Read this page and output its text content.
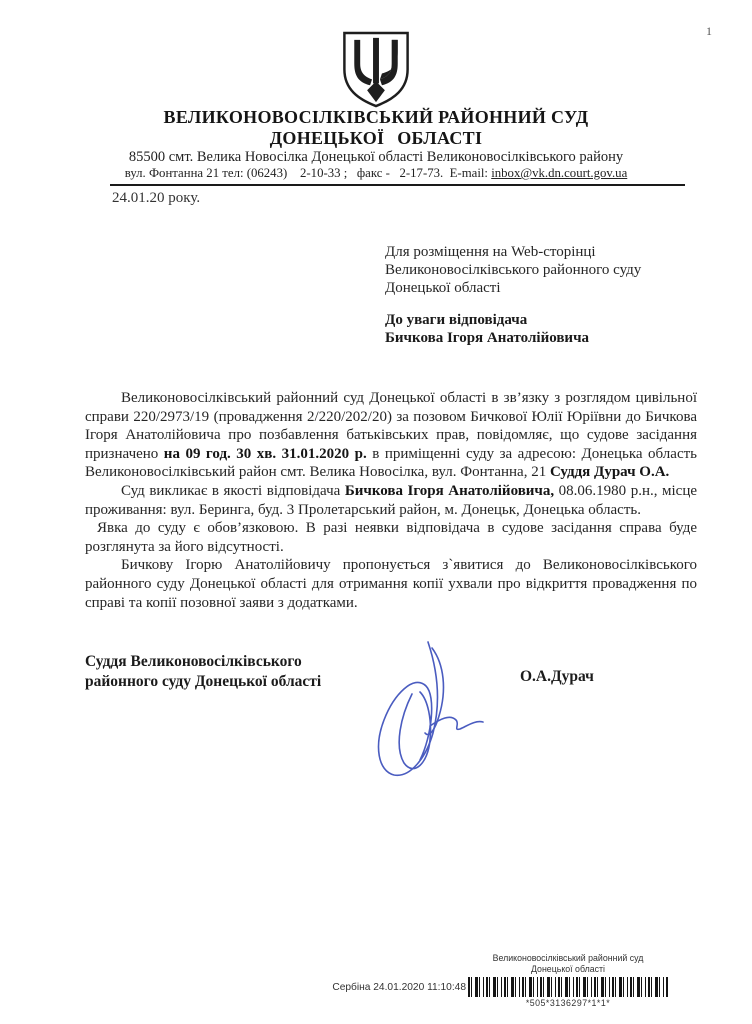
1
ВЕЛИКОНОВОСІЛКІВСЬКИЙ РАЙОННИЙ СУД
ДОНЕЦЬКОЇ ОБЛАСТІ
85500 смт. Велика Новосілка Донецької області Великоновосілківського району
вул. Фонтанна 21 тел: (06243)    2-10-33 ;   факс -   2-17-73.  E-mail: inbox@vk.dn.court.gov.ua
24.01.20 року.
Для розміщення на Web-сторінці
Великоновосілківського районного суду
Донецької області
До уваги відповідача
Бичкова Ігоря Анатолійовича

Великоновосілківський районний суд Донецької області в зв’язку з розглядом цивільної справи 220/2973/19 (провадження 2/220/202/20) за позовом Бичкової Юлії Юріївни до Бичкова Ігоря Анатолійовича про позбавлення батьківських прав, повідомляє, що судове засідання призначено на 09 год. 30 хв. 31.01.2020 р. в приміщенні суду за адресою: Донецька область Великоновосілківський район смт. Велика Новосілка, вул. Фонтанна, 21 Суддя Дурач О.А.

Суд викликає в якості відповідача Бичкова Ігоря Анатолійовича, 08.06.1980 р.н., місце проживання: вул. Беринга, буд. 3 Пролетарський район, м. Донецьк, Донецька область.

Явка до суду є обов’язковою. В разі неявки відповідача в судове засідання справа буде розглянута за його відсутності.

Бичкову Ігорю Анатолійовичу пропонується з`явитися до Великоновосілківського районного суду Донецької області для отримання копії ухвали про відкриття провадження по справі та копії позовної заяви з додатками.

Суддя Великоновосілківського
районного суду Донецької області	О.А.Дурач
Великоновосілківський районний суд
Донецької області
*505*3136297*1*1*
Сербіна 24.01.2020 11:10:48
